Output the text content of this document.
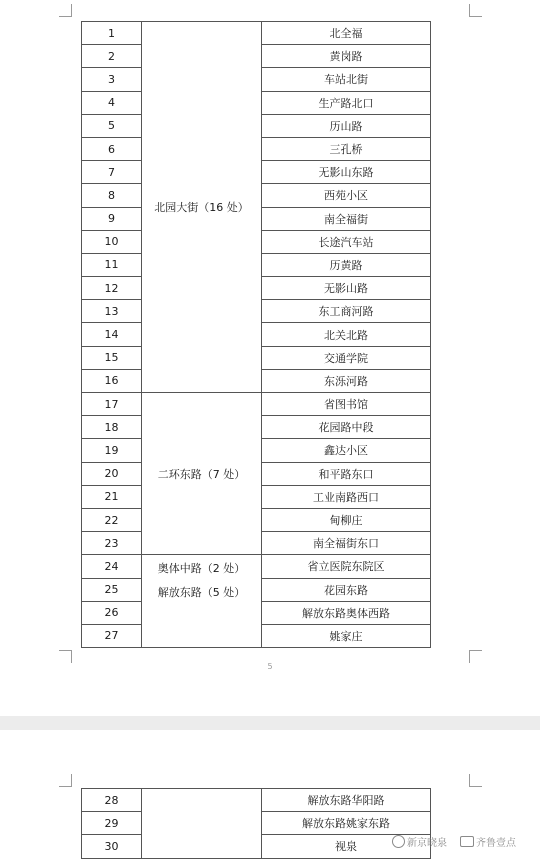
1	北园大街（16 处）	北全福
2		黄岗路
3		车站北街
4		生产路北口
5		历山路
6		三孔桥
7		无影山东路
8		西苑小区
9		南全福街
10		长途汽车站
11		历黄路
12		无影山路
13		东工商河路
14		北关北路
15		交通学院
16		东泺河路
17	二环东路（7 处）	省图书馆
18		花园路中段
19		鑫达小区
20		和平路东口
21		工业南路西口
22		甸柳庄
23		南全福街东口
24	奥体中路（2 处）
解放东路（5 处）	省立医院东院区
25		花园东路
26		解放东路奥体西路
27		姚家庄
5
28		解放东路华阳路
29		解放东路姚家东路
30		视泉	新京晓泉	齐鲁壹点
